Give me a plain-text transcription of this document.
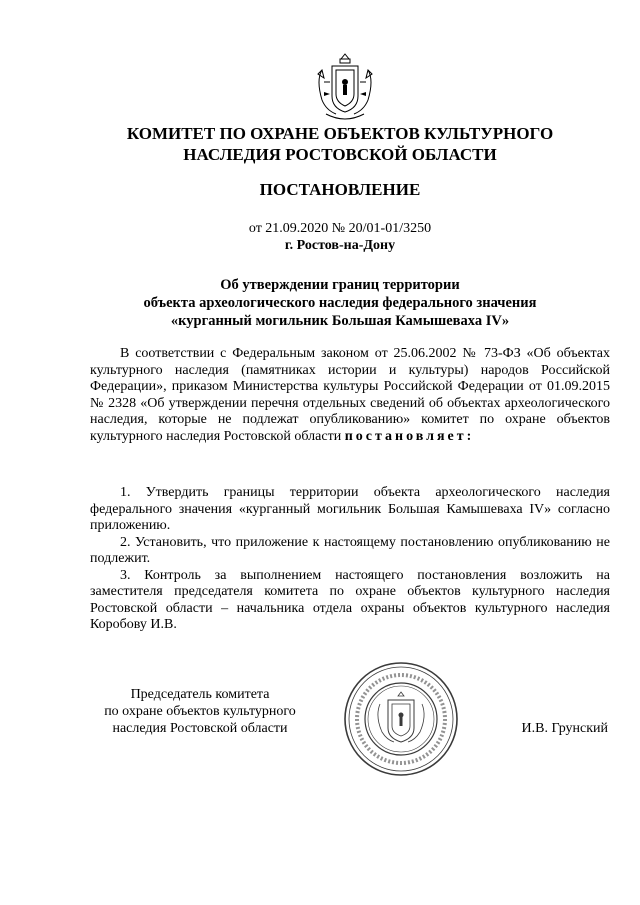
КОМИТЕТ ПО ОХРАНЕ ОБЪЕКТОВ КУЛЬТУРНОГО
НАСЛЕДИЯ РОСТОВСКОЙ ОБЛАСТИ
ПОСТАНОВЛЕНИЕ
от 21.09.2020 № 20/01-01/3250
г. Ростов-на-Дону
Об утверждении границ территории
объекта археологического наследия федерального значения
«курганный могильник Большая Камышеваха IV»
В соответствии с Федеральным законом от 25.06.2002 № 73-ФЗ «Об объектах культурного наследия (памятниках истории и культуры) народов Российской Федерации», приказом Министерства культуры Российской Федерации от 01.09.2015 № 2328 «Об утверждении перечня отдельных сведений об объектах археологического наследия, которые не подлежат опубликованию» комитет по охране объектов культурного наследия Ростовской области постановляет:

1. Утвердить границы территории объекта археологического наследия федерального значения «курганный могильник Большая Камышеваха IV» согласно приложению.

2. Установить, что приложение к настоящему постановлению опубликованию не подлежит.

3. Контроль за выполнением настоящего постановления возложить на заместителя председателя комитета по охране объектов культурного наследия Ростовской области – начальника отдела охраны объектов культурного наследия Коробову И.В.

Председатель комитета
по охране объектов культурного
наследия Ростовской области	И.В. Грунский
